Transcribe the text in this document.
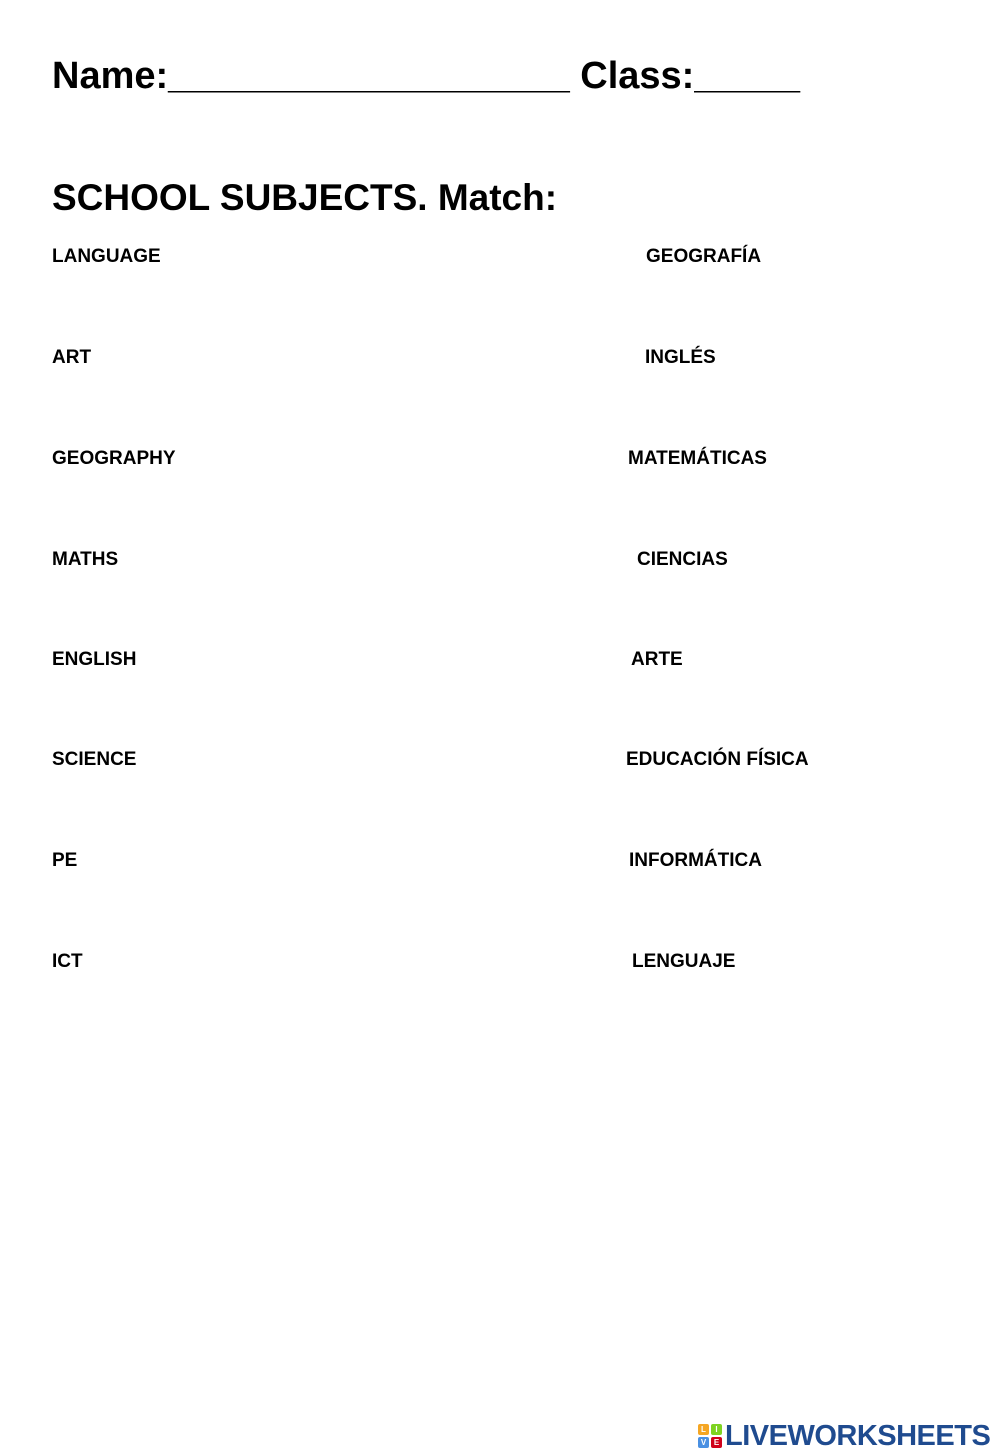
Name:___________________ Class:_____
SCHOOL SUBJECTS. Match:
LANGUAGE
ART
GEOGRAPHY
MATHS
ENGLISH
SCIENCE
PE
ICT
GEOGRAFÍA
INGLÉS
MATEMÁTICAS
CIENCIAS
ARTE
EDUCACIÓN FÍSICA
INFORMÁTICA
LENGUAJE
L	I
V E LIVEWORKSHEETS
